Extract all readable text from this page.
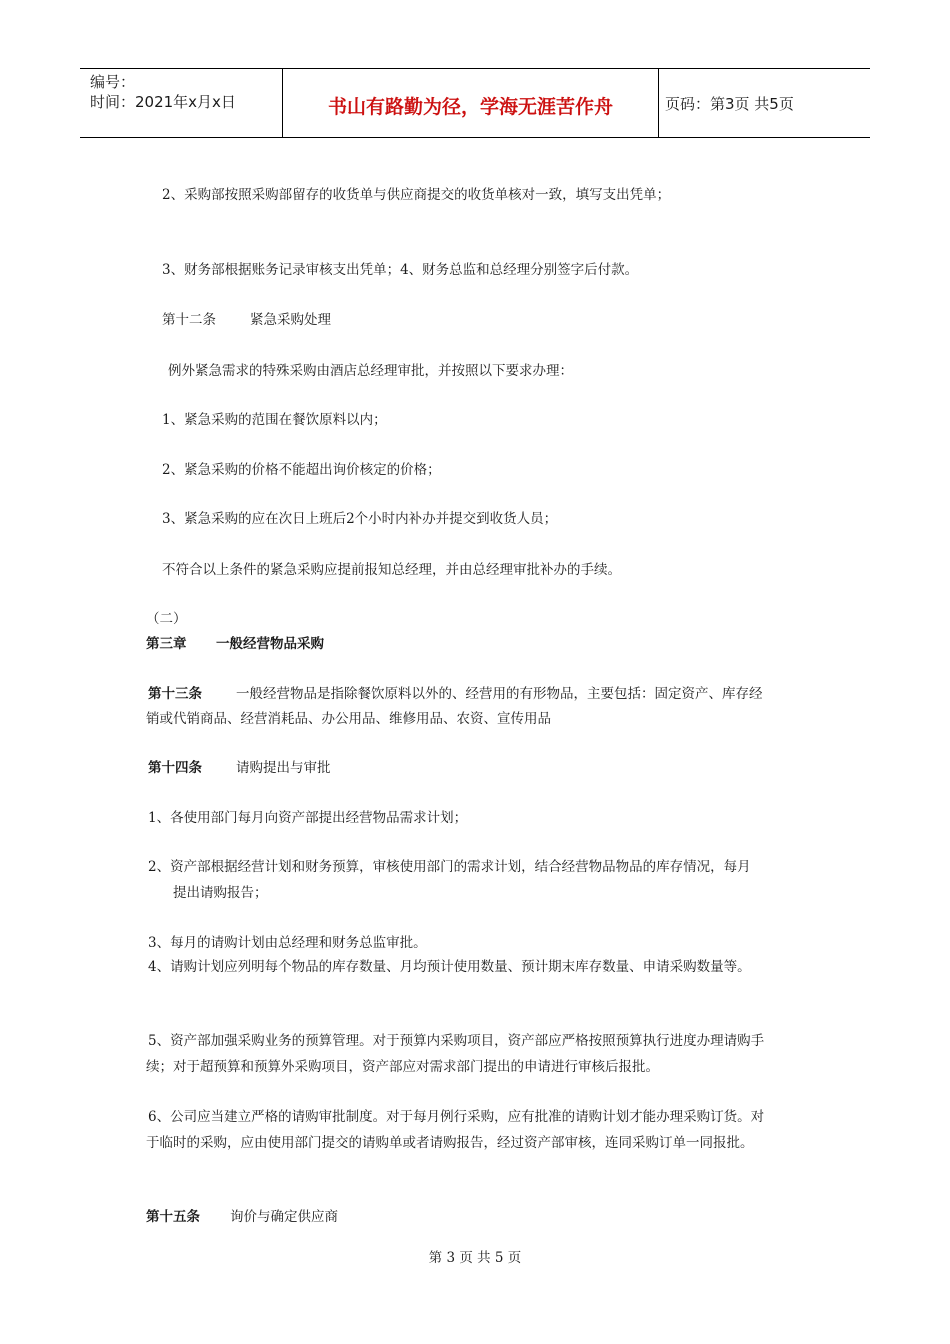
编号：
时间：2021年x月x日	书山有路勤为径，学海无涯苦作舟	页码：第3页 共5页
2、采购部按照采购部留存的收货单与供应商提交的收货单核对一致，填写支出凭单；
3、财务部根据账务记录审核支出凭单；4、财务总监和总经理分别签字后付款。
第十二条	紧急采购处理
例外紧急需求的特殊采购由酒店总经理审批，并按照以下要求办理：
1、紧急采购的范围在餐饮原料以内；
2、紧急采购的价格不能超出询价核定的价格；
3、紧急采购的应在次日上班后2个小时内补办并提交到收货人员；
不符合以上条件的紧急采购应提前报知总经理，并由总经理审批补办的手续。
（二）
第三章 一般经营物品采购
第十三条	一般经营物品是指除餐饮原料以外的、经营用的有形物品，主要包括：固定资产、库存经
销或代销商品、经营消耗品、办公用品、维修用品、农资、宣传用品
第十四条	请购提出与审批
1、各使用部门每月向资产部提出经营物品需求计划；
2、资产部根据经营计划和财务预算，审核使用部门的需求计划，结合经营物品物品的库存情况，每月
提出请购报告；
3、每月的请购计划由总经理和财务总监审批。
4、请购计划应列明每个物品的库存数量、月均预计使用数量、预计期末库存数量、申请采购数量等。
5、资产部加强采购业务的预算管理。对于预算内采购项目，资产部应严格按照预算执行进度办理请购手
续；对于超预算和预算外采购项目，资产部应对需求部门提出的申请进行审核后报批。
6、公司应当建立严格的请购审批制度。对于每月例行采购，应有批准的请购计划才能办理采购订货。对
于临时的采购，应由使用部门提交的请购单或者请购报告，经过资产部审核，连同采购订单一同报批。
第十五条 询价与确定供应商
第 3 页 共 5 页
